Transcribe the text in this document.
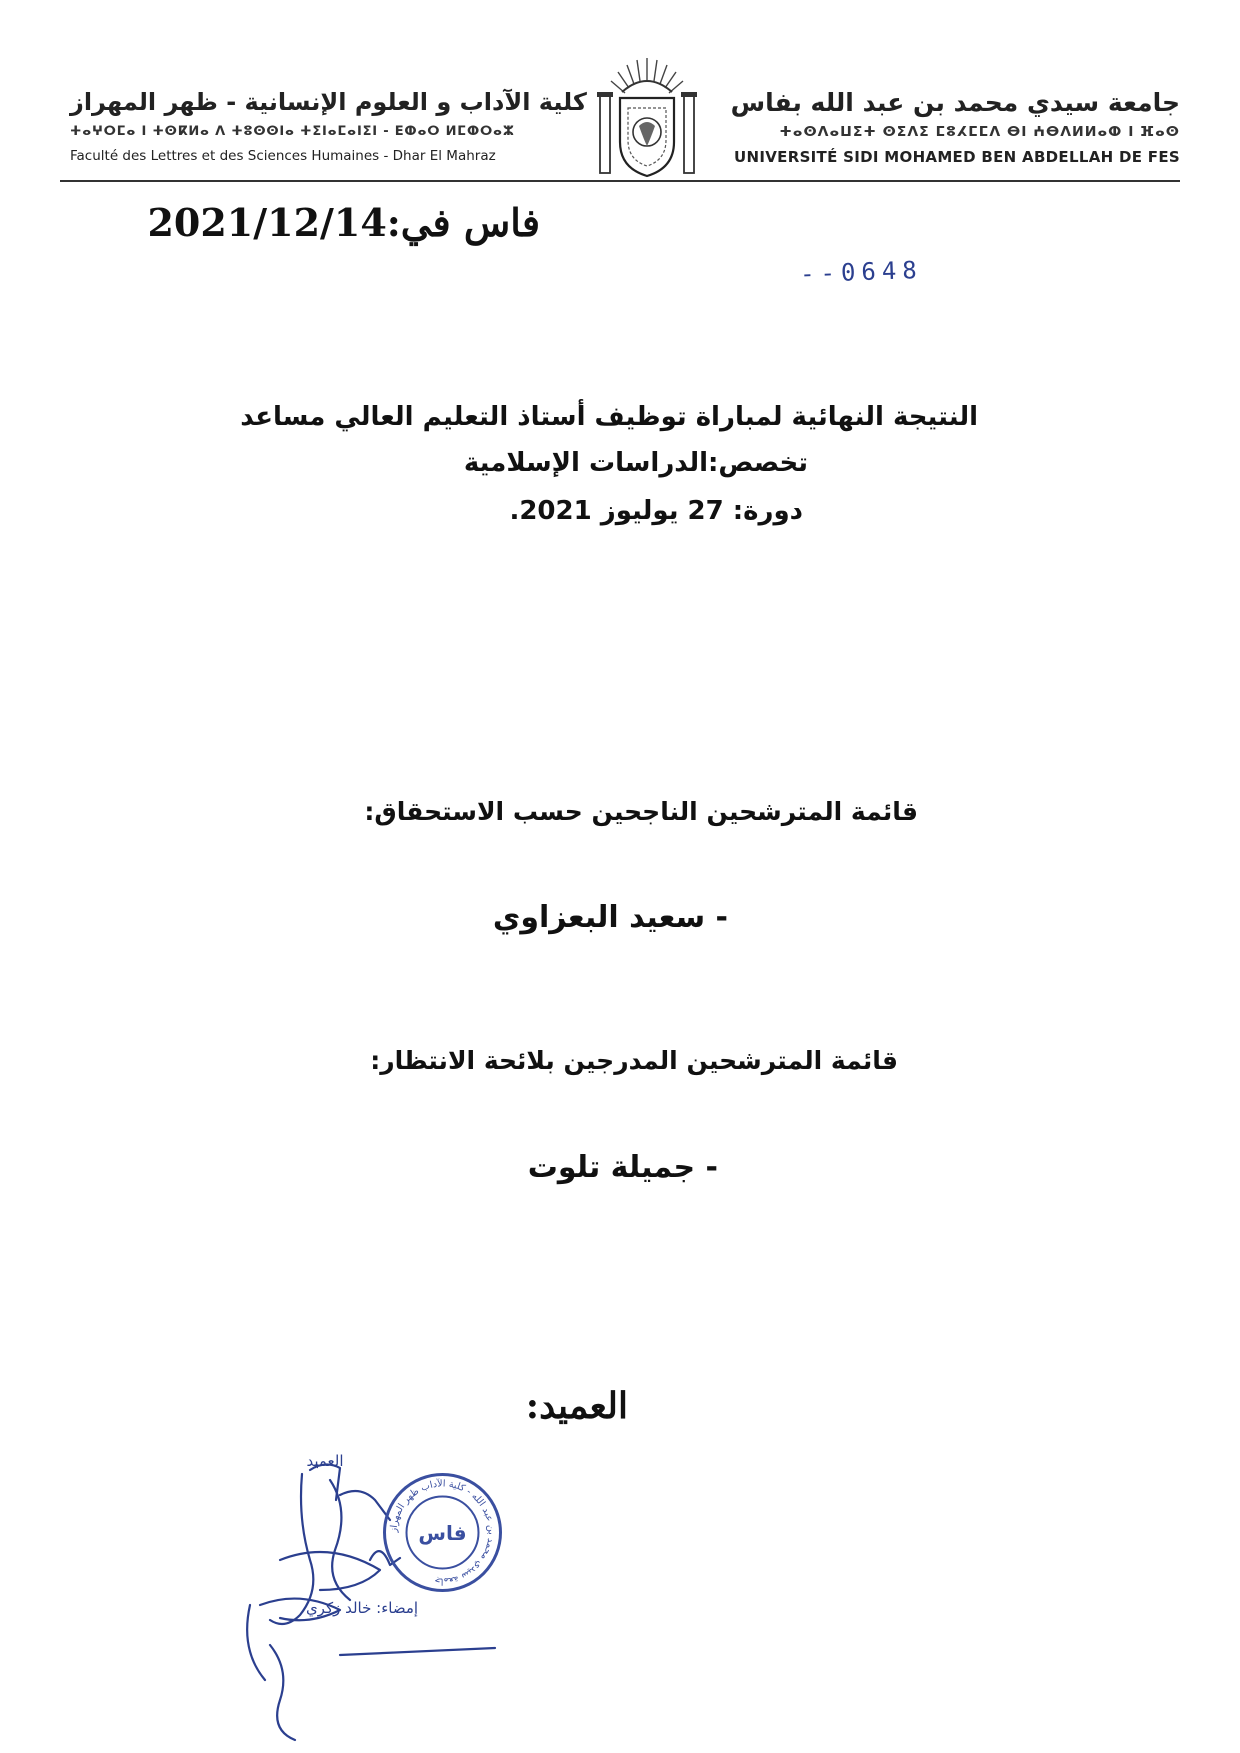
جامعة سيدي محمد بن عبد الله بفاس
ⵜⴰⵙⴷⴰⵡⵉⵜ ⵙⵉⴷⵉ ⵎⵓⵃⵎⵎⴷ ⴱⵏ ⵄⴱⴷⵍⵍⴰⵀ ⵏ ⴼⴰⵙ
UNIVERSITÉ SIDI MOHAMED BEN ABDELLAH DE FES
كلية الآداب و العلوم الإنسانية - ظهر المهراز
ⵜⴰⵖⵔⵎⴰ ⵏ ⵜⵙⴽⵍⴰ ⴷ ⵜⵓⵙⵙⵏⴰ ⵜⵉⵏⴰⵎⴰⵏⵉⵏ - ⴹⵀⴰⵔ ⵍⵎⵀⵔⴰⵣ
Faculté des Lettres et des Sciences Humaines - Dhar El Mahraz
فاس في:2021/12/14
--0648
النتيجة النهائية لمباراة توظيف أستاذ التعليم العالي مساعد
تخصص:الدراسات الإسلامية
دورة: 27 يوليوز 2021.
قائمة المترشحين الناجحين حسب الاستحقاق:
- سعيد البعزاوي
قائمة المترشحين المدرجين بلائحة الانتظار:
- جميلة تلوت
العميد:
إمضاء: خالد زكري
العميد
جامعة سيدي محمد بن عبد الله - كلية الآداب ظهر المهراز
فاس
